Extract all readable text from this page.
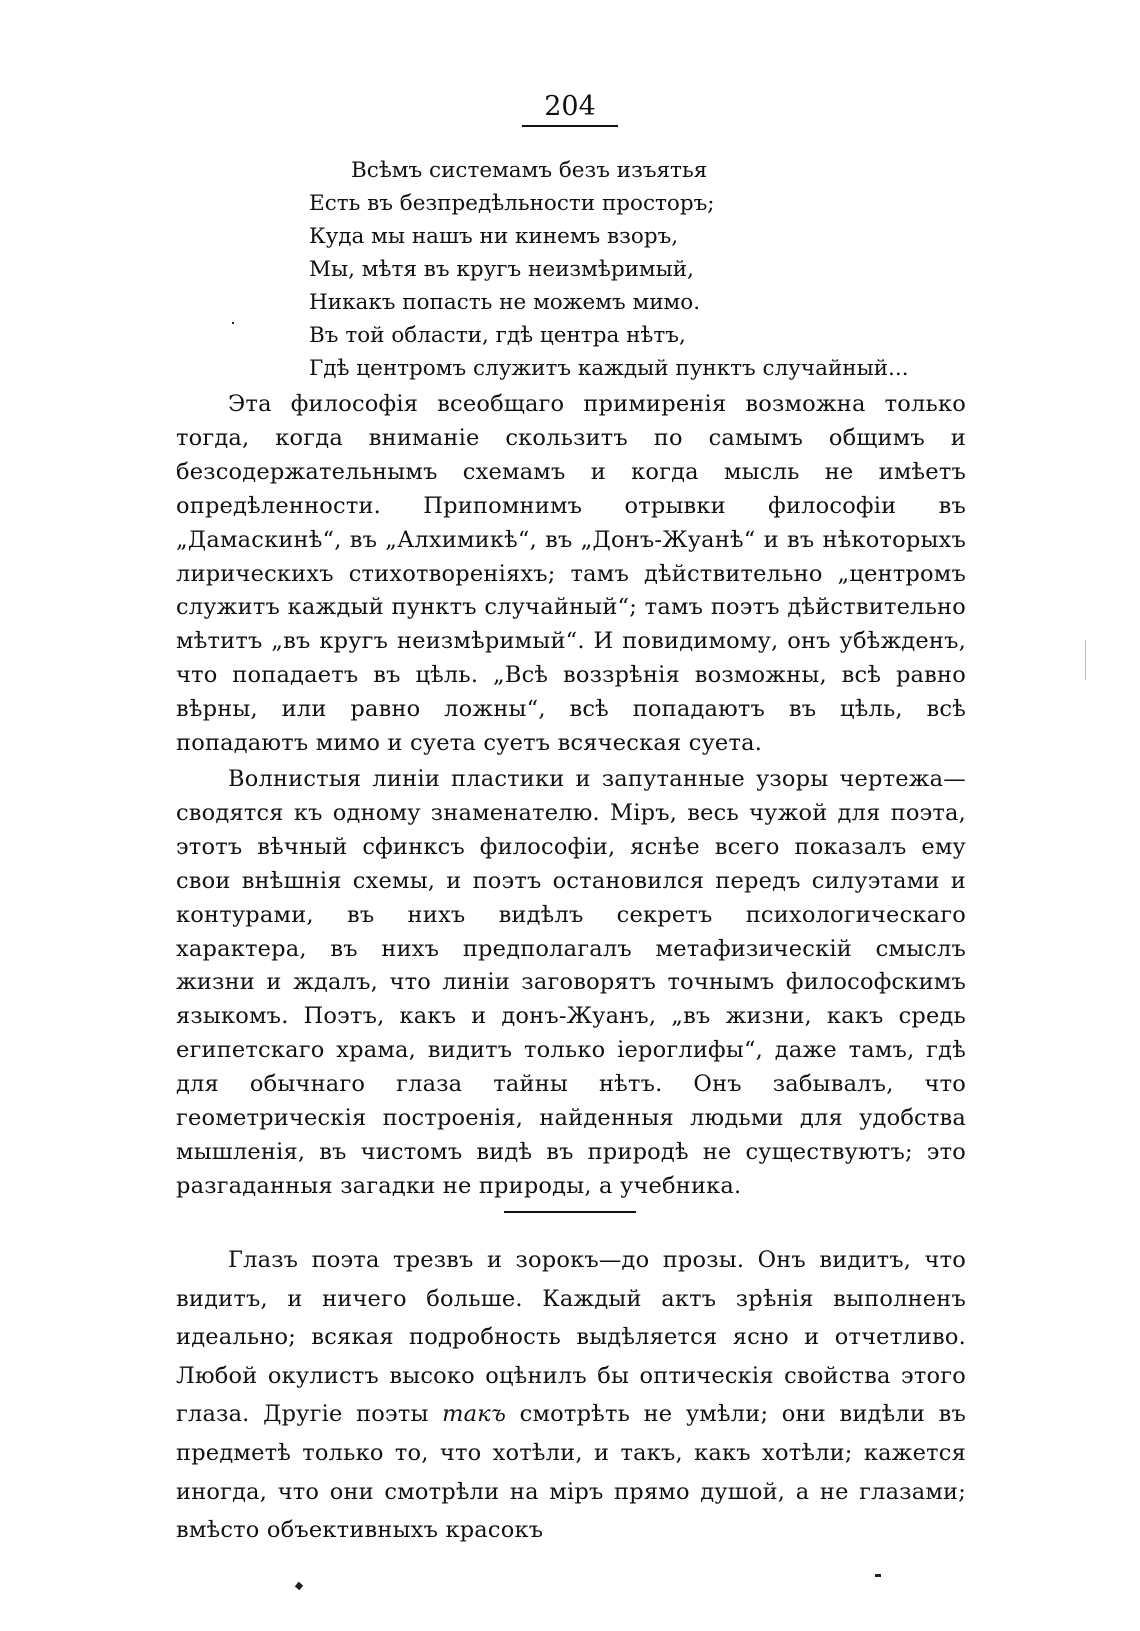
204
Всѣмъ системамъ безъ изъятья
Есть въ безпредѣльности просторъ;
Куда мы нашъ ни кинемъ взоръ,
Мы, мѣтя въ кругъ неизмѣримый,
Никакъ попасть не можемъ мимо.
Въ той области, гдѣ центра нѣтъ,
Гдѣ центромъ служитъ каждый пунктъ случайный...

Эта философія всеобщаго примиренія возможна только тогда, когда вниманіе скользитъ по самымъ общимъ и безсодержательнымъ схемамъ и когда мысль не имѣетъ опредѣленности. Припомнимъ отрывки философіи въ „Дамаскинѣ“, въ „Алхимикѣ“, въ „Донъ-Жуанѣ“ и въ нѣкоторыхъ лирическихъ стихотвореніяхъ; тамъ дѣйствительно „центромъ служитъ каждый пунктъ случайный“; тамъ поэтъ дѣйствительно мѣтитъ „въ кругъ неизмѣримый“. И повидимому, онъ убѣжденъ, что попадаетъ въ цѣль. „Всѣ воззрѣнія возможны, всѣ равно вѣрны, или равно ложны“, всѣ попадаютъ въ цѣль, всѣ попадаютъ мимо и суета суетъ всяческая суета.

Волнистыя линіи пластики и запутанные узоры чертежа—сводятся къ одному знаменателю. Міръ, весь чужой для поэта, этотъ вѣчный сфинксъ философіи, яснѣе всего показалъ ему свои внѣшнія схемы, и поэтъ остановился передъ силуэтами и контурами, въ нихъ видѣлъ секретъ психологическаго характера, въ нихъ предполагалъ метафизическій смыслъ жизни и ждалъ, что линіи заговорятъ точнымъ философскимъ языкомъ. Поэтъ, какъ и донъ-Жуанъ, „въ жизни, какъ средь египетскаго храма, видитъ только іероглифы“, даже тамъ, гдѣ для обычнаго глаза тайны нѣтъ. Онъ забывалъ, что геометрическія построенія, найденныя людьми для удобства мышленія, въ чистомъ видѣ въ природѣ не существуютъ; это разгаданныя загадки не природы, а учебника.

Глазъ поэта трезвъ и зорокъ—до прозы. Онъ видитъ, что видитъ, и ничего больше. Каждый актъ зрѣнія выполненъ идеально; всякая подробность выдѣляется ясно и отчетливо. Любой окулистъ высоко оцѣнилъ бы оптическія свойства этого глаза. Другіе поэты такъ смотрѣть не умѣли; они видѣли въ предметѣ только то, что хотѣли, и такъ, какъ хотѣли; кажется иногда, что они смотрѣли на міръ прямо душой, а не глазами; вмѣсто объективныхъ красокъ
